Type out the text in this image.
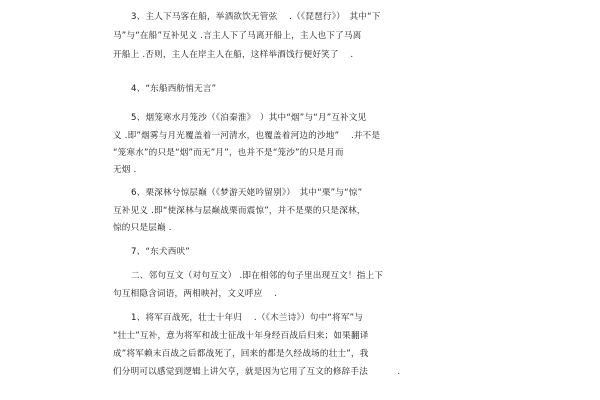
3、主人下马客在船，举酒欲饮无管弦 　.（《琵琶行》）　其中“下
马”与“在船”互补见义 .言主人下了马离开船上，主人也下了马离
开船上 .否则，主人在岸主人在船，这样举酒饯行便好笑了 　.
4、“东船西舫悄无言”
5、烟笼寒水月笼沙（《泊秦淮》　）其中“烟”与“月”互补文见
义 .即”烟雾与月光覆盖着一河清水，也覆盖着河边的沙地” 　.并不是
“笼寒水”的只是“烟”而无”月”，也并不是“笼沙”的只是月而
无烟 .
6、栗深林兮惊层巅（《梦游天姥吟留别》）　其中“栗”与“惊”
互补见义 .即“使深林与层巅战栗而震惊”，并不是栗的只是深林，
惊的只是层巅 .
7、“东犬西吠”
二、邻句互文（对句互文） .即在相邻的句子里出现互文！指上下
句互相隐含词语，两相映衬，文义呼应 　.
1、将军百战死，壮士十年归 　.（《木兰诗》）句中“将军”与
“壮士”互补，意为将军和战士征战十年身经百战后归来；如果翻译
成”将军赖末百战之后都战死了，回来的都是久经战场的壮士”，我
们分明可以感觉到逻辑上讲欠亨，就是因为它用了互文的修辞手法 　　　.
